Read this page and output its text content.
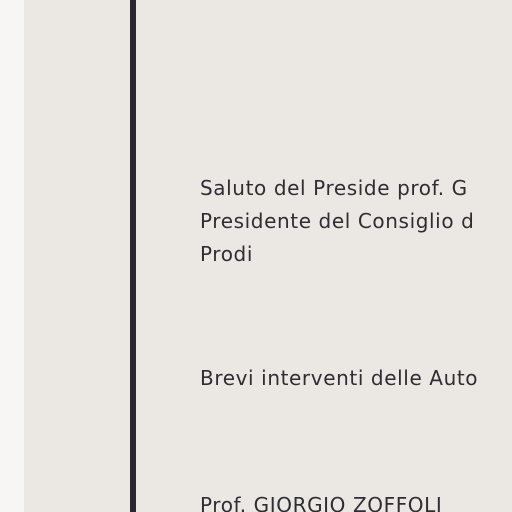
Saluto del Preside prof. G
Presidente del Consiglio d
Prodi
Brevi interventi delle Auto
Prof. GIORGIO ZOFFOLI
